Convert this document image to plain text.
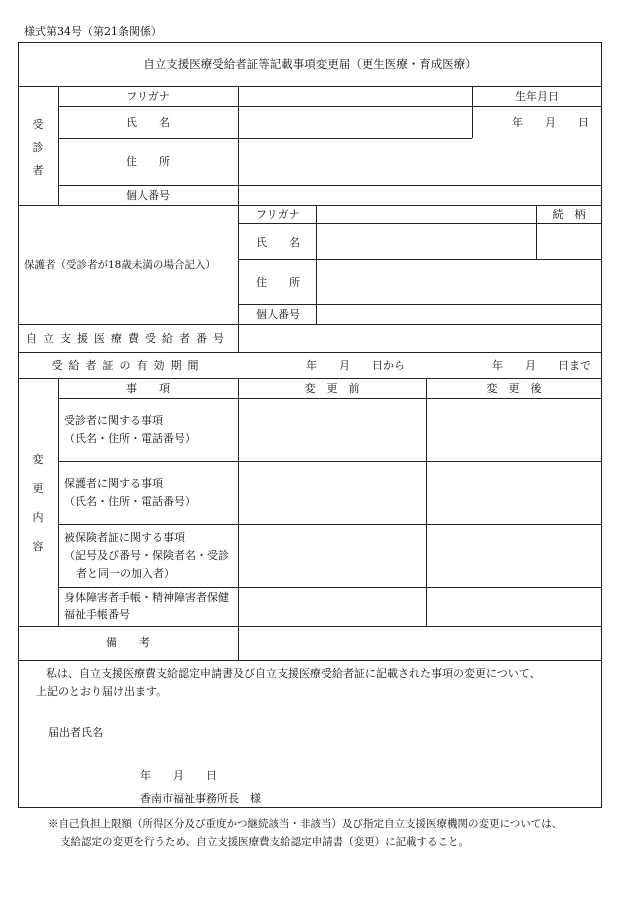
様式第34号（第21条関係）
自立支援医療受給者証等記載事項変更届（更生医療・育成医療）
受
診
者
フリガナ	生年月日
氏　　名	年　　月　　日
住　　所
個人番号
保護者（受診者が18歳未満の場合記入）
フリガナ	続　柄
氏　　名
住　　所
個人番号
自立支援医療費受給者番号
受給者証の有効期間	年　　月　　日から	年　　月　　日まで
変
更
内
容
事　　項	変　更　前	変　更　後
受診者に関する事項
（氏名・住所・電話番号）
保護者に関する事項
（氏名・住所・電話番号）
被保険者証に関する事項
（記号及び番号・保険者名・受診
者と同一の加入者）
身体障害者手帳・精神障害者保健
福祉手帳番号
備　　考
私は、自立支援医療費支給認定申請書及び自立支援医療受給者証に記載された事項の変更について、
上記のとおり届け出ます。
届出者氏名
年　　月　　日
香南市福祉事務所長　様
※自己負担上限額（所得区分及び重度かつ継続該当・非該当）及び指定自立支援医療機関の変更については、
支給認定の変更を行うため、自立支援医療費支給認定申請書（変更）に記載すること。
